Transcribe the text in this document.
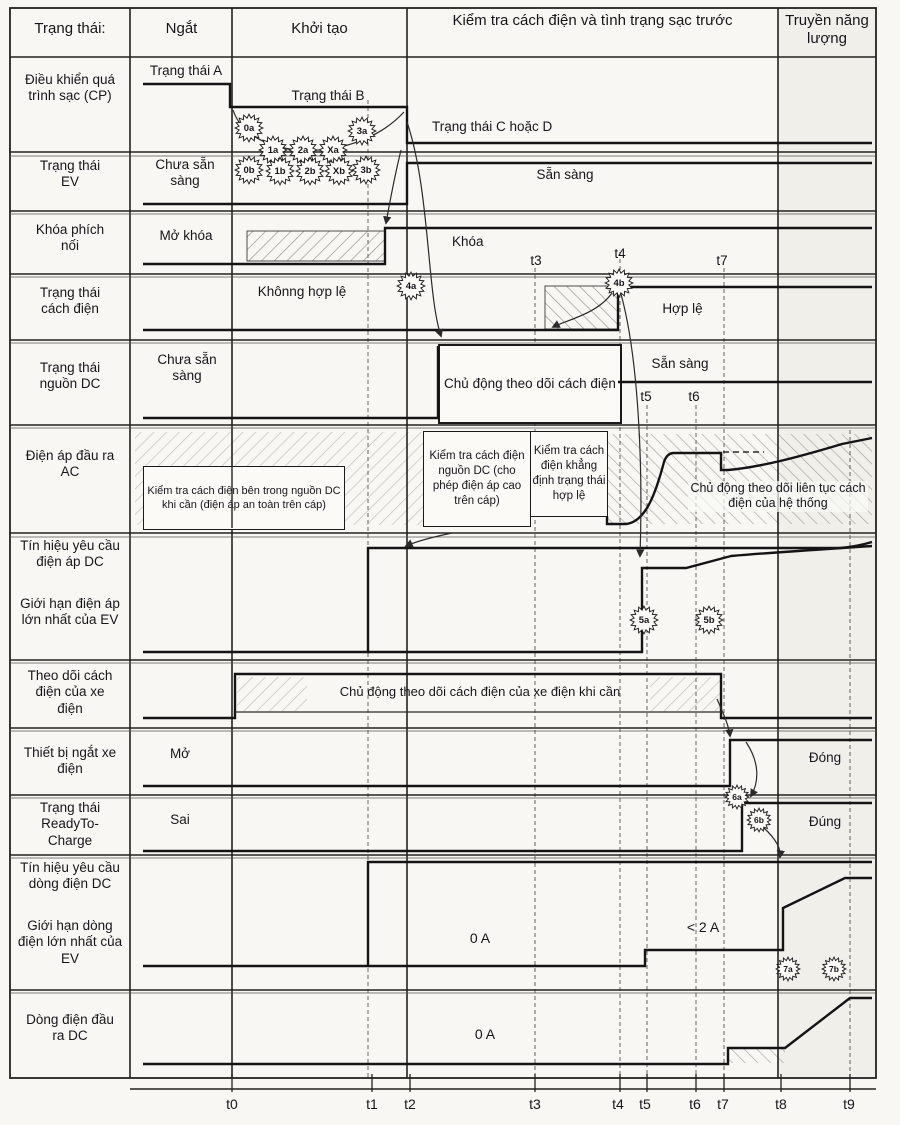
Chủ động theo dõi cách điện
Kiểm tra cách điện bên trong nguồn DC khi cần (điện áp an toàn trên cáp)
Kiểm tra cách điện nguồn DC (cho phép điện áp cao trên cáp)
Kiểm tra cách điện khẳng định trạng thái hợp lệ
Trạng thái:	Ngắt	Khởi tạo	Kiểm tra cách điện và tình trạng sạc trước	Truyền năng lượng
Điều khiển quá trình sạc (CP)
Trạng thái EV
Khóa phích nối
Trạng thái cách điện
Trạng thái nguồn DC
Điện áp đầu ra AC
Tín hiệu yêu cầu điện áp DC
Giới hạn điện áp lớn nhất của EV
Theo dõi cách điện của xe điện
Thiết bị ngắt xe điện
Trạng thái ReadyTo-Charge
Tín hiệu yêu cầu dòng điện DC
Giới hạn dòng điện lớn nhất của EV
Dòng điện đầu ra DC
Trạng thái A
Trạng thái B
Trạng thái C hoặc D
Chưa sẵn sàng	Sẵn sàng
Mở khóa	Khóa
t3	t4	t7
Khônng hợp lệ
Hợp lệ
Chưa sẵn sàng
Sẵn sàng
t5	t6
Chủ động theo dõi liên tục cách điện của hệ thống
Chủ động theo dõi cách điện của xe điện khi cần
Mở	Đóng
Sai	Đúng
0 A
< 2 A
0 A
t0	t1	t2	t3	t4	t5	t6	t7	t8	t9
0a
1a	2a	Xa
3a
0b	1b	2b	Xb	3b
4a	4b
5a	5b
6a
6b
7a	7b
